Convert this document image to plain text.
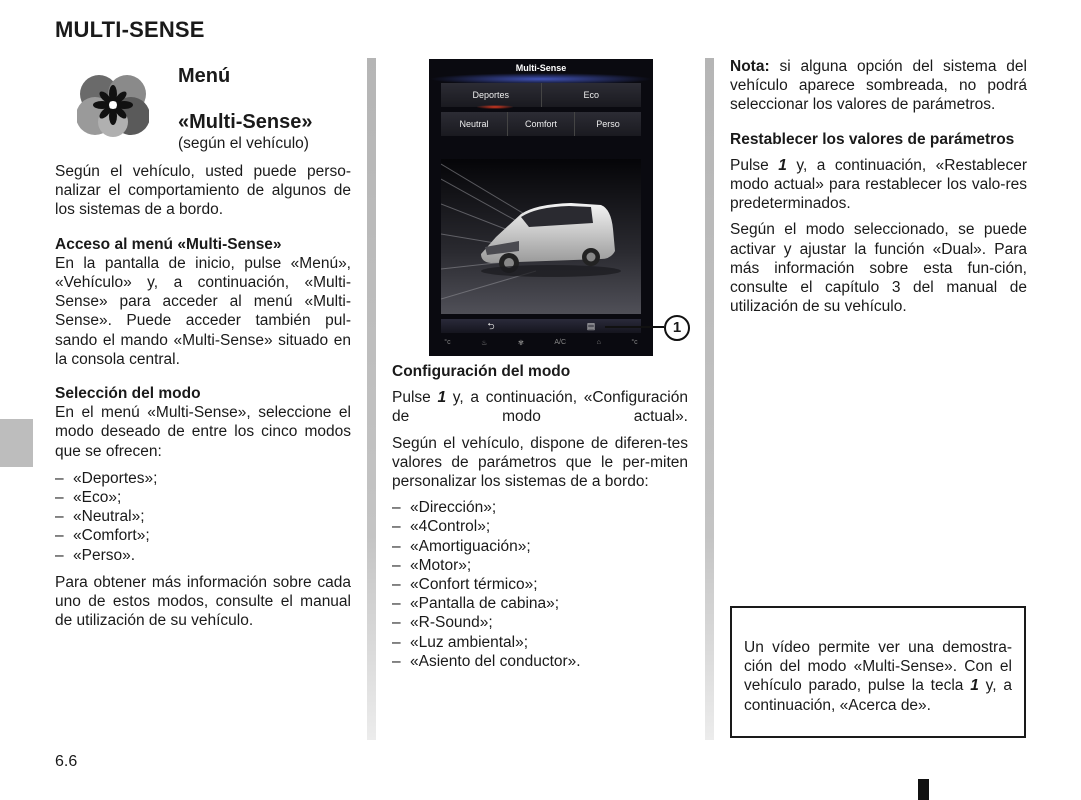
MULTI-SENSE
Menú
«Multi-Sense»
(según el vehículo)

Según el vehículo, usted puede perso-nalizar el comportamiento de algunos de los sistemas de a bordo.

Acceso al menú «Multi-Sense»

En la pantalla de inicio, pulse «Menú», «Vehículo» y, a continuación, «Multi-Sense» para acceder al menú «Multi-Sense». Puede acceder también pul-sando el mando «Multi-Sense» situado en la consola central.

Selección del modo

En el menú «Multi-Sense», seleccione el modo deseado de entre los cinco modos que se ofrecen:

– «Deportes»;
– «Eco»;
– «Neutral»;
– «Comfort»;
– «Perso».

Para obtener más información sobre cada uno de estos modos, consulte el manual de utilización de su vehículo.

Multi-Sense
Deportes	Eco
Neutral	Comfort	Perso
⮌	▤
°c	♨	✾	A/C	⌂	°c
1

Configuración del modo

Pulse 1 y, a continuación, «Configuración de modo actual».

Según el vehículo, dispone de diferen-tes valores de parámetros que le per-miten personalizar los sistemas de a bordo:

– «Dirección»;
– «4Control»;
– «Amortiguación»;
– «Motor»;
– «Confort térmico»;
– «Pantalla de cabina»;
– «R-Sound»;
– «Luz ambiental»;
– «Asiento del conductor».

Nota: si alguna opción del sistema del vehículo aparece sombreada, no podrá seleccionar los valores de parámetros.

Restablecer los valores de parámetros

Pulse 1 y, a continuación, «Restablecer modo actual» para restablecer los valo-res predeterminados.

Según el modo seleccionado, se puede activar y ajustar la función «Dual». Para más información sobre esta fun-ción, consulte el capítulo 3 del manual de utilización de su vehículo.

Un vídeo permite ver una demostra-ción del modo «Multi-Sense». Con el vehículo parado, pulse la tecla 1 y, a continuación, «Acerca de».

6.6
